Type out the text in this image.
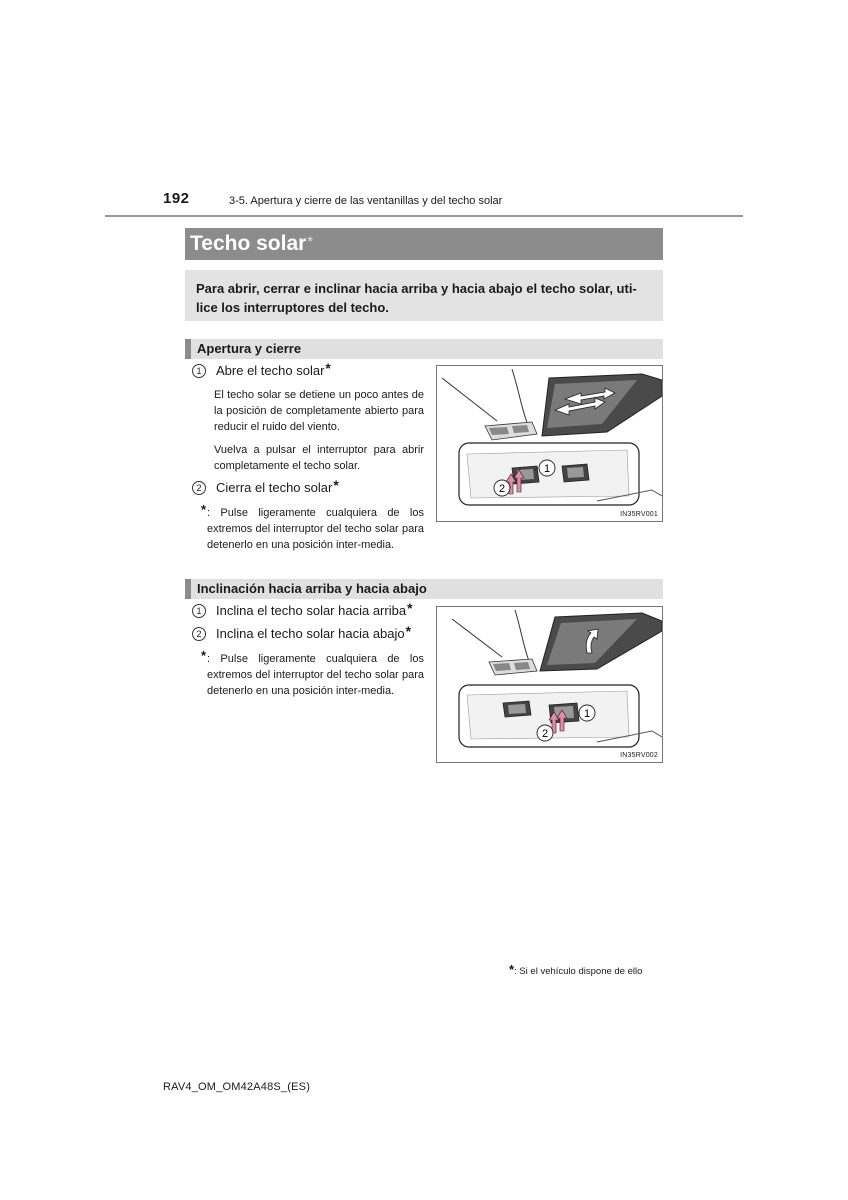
192	3-5. Apertura y cierre de las ventanillas y del techo solar
Techo solar*
Para abrir, cerrar e inclinar hacia arriba y hacia abajo el techo solar, uti-lice los interruptores del techo.
Apertura y cierre
1 Abre el techo solar*
El techo solar se detiene un poco antes de la posición de completamente abierto para reducir el ruido del viento.
Vuelva a pulsar el interruptor para abrir completamente el techo solar.
2 Cierra el techo solar*
* : Pulse ligeramente cualquiera de los extremos del interruptor del techo solar para detenerlo en una posición inter-media.
1
2
IN35RV001
Inclinación hacia arriba y hacia abajo
1 Inclina el techo solar hacia arriba*
2 Inclina el techo solar hacia abajo*
* : Pulse ligeramente cualquiera de los extremos del interruptor del techo solar para detenerlo en una posición inter-media.
1
2
IN35RV002
*: Si el vehículo dispone de ello
RAV4_OM_OM42A48S_(ES)
